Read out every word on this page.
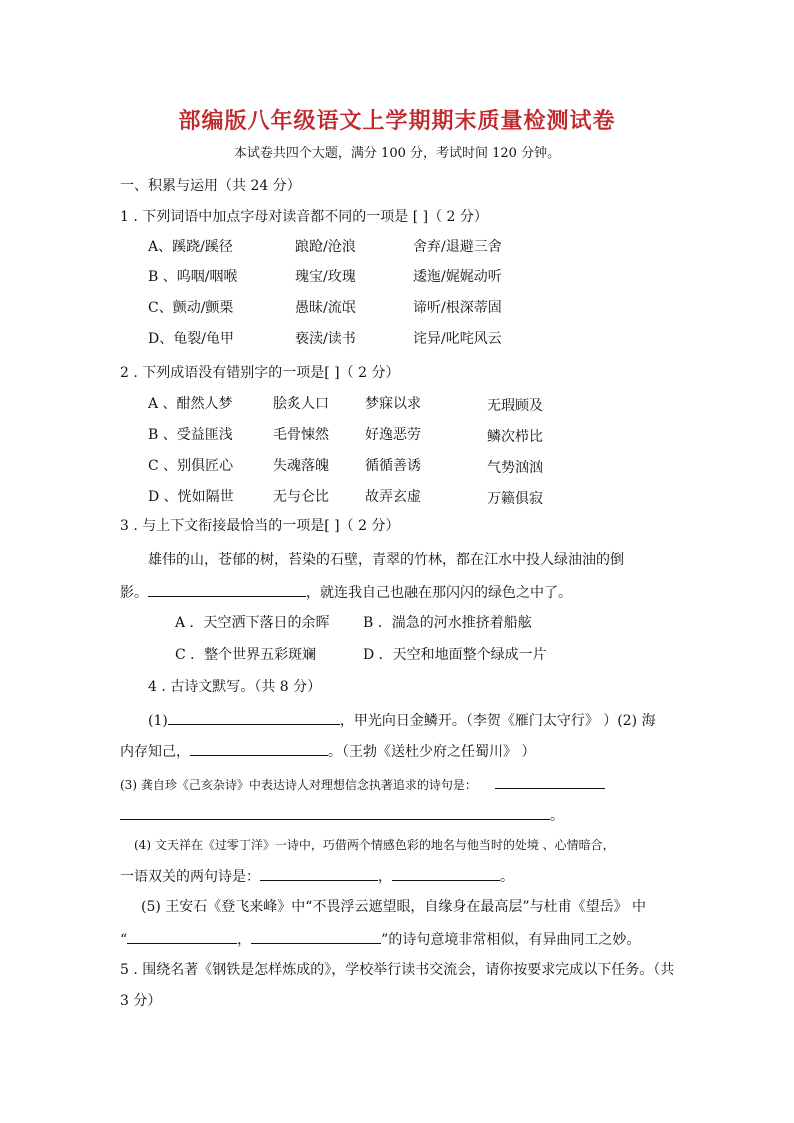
部编版八年级语文上学期期末质量检测试卷
本试卷共四个大题，满分 100 分，考试时间 120 分钟。
一、积累与运用（共 24 分）
1 . 下列词语中加点字母对读音都不同的一项是 [ ]（ 2 分）
A、蹊跷/蹊径	踉跄/沧浪	舍弃/退避三舍
B 、呜咽/咽喉	瑰宝/玫瑰	逶迤/娓娓动听
C、颤动/颤栗	愚昧/流氓	谛听/根深蒂固
D、龟裂/龟甲	亵渎/读书	诧异/叱咤风云
2 . 下列成语没有错别字的一项是[ ]（ 2 分）
A 、酣然人梦	脍炙人口	梦寐以求	无瑕顾及
B 、受益匪浅	毛骨悚然	好逸恶劳	鳞次栉比
C 、别俱匠心	失魂落魄	循循善诱	气势汹汹
D 、恍如隔世	无与仑比	故弄玄虚	万籁俱寂
3 . 与上下文衔接最恰当的一项是[ ]（ 2 分）
雄伟的山，苍郁的树，苔染的石壁，青翠的竹林，都在江水中投人绿油油的倒
影。	，就连我自己也融在那闪闪的绿色之中了。
A ．天空洒下落日的余晖 B ．湍急的河水推挤着船舷
C ．整个世界五彩斑斓	D ．天空和地面整个绿成一片
4 . 古诗文默写。（共 8 分）
(1)	，甲光向日金鳞开。（李贺《雁门太守行》 ）(2) 海
内存知己，	。（王勃《送杜少府之任蜀川》 ）
(3) 龚自珍《己亥杂诗》中表达诗人对理想信念执著追求的诗句是：
。
(4) 文天祥在《过零丁洋》一诗中，巧借两个情感色彩的地名与他当时的处境 、心情暗合，
一语双关的两句诗是：	，	。
(5) 王安石《登飞来峰》中“不畏浮云遮望眼，自缘身在最高层”与杜甫《望岳》 中
“	，	”的诗句意境非常相似，有异曲同工之妙。
5 . 围绕名著《钢铁是怎样炼成的》，学校举行读书交流会，请你按要求完成以下任务。（共
3 分）
